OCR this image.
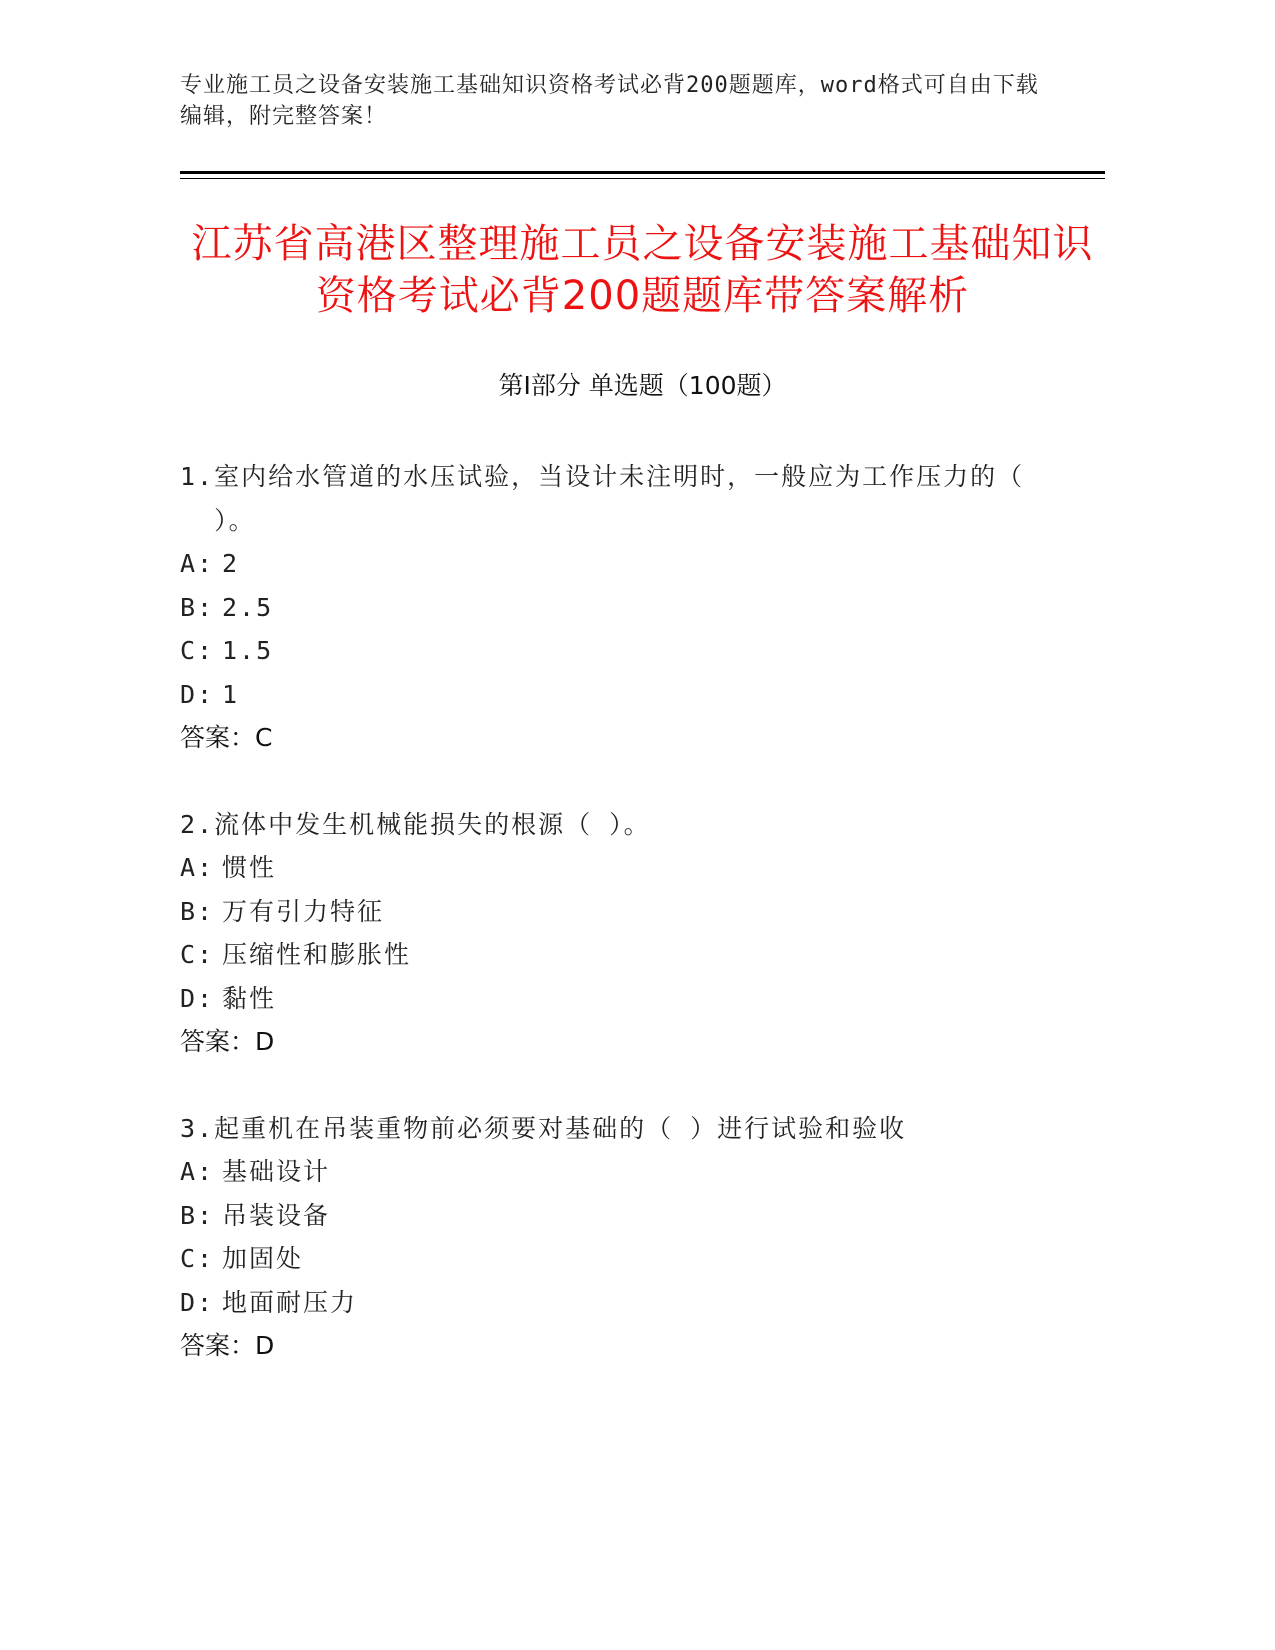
专业施工员之设备安装施工基础知识资格考试必背200题题库，word格式可自由下载编辑，附完整答案！
江苏省高港区整理施工员之设备安装施工基础知识资格考试必背200题题库带答案解析
第Ⅰ部分 单选题（100题）
1. 室内给水管道的水压试验，当设计未注明时，一般应为工作压力的（ ）。
A: 2
B: 2.5
C: 1.5
D: 1
答案： C
2. 流体中发生机械能损失的根源（ ）。
A: 惯性
B: 万有引力特征
C: 压缩性和膨胀性
D: 黏性
答案： D
3. 起重机在吊装重物前必须要对基础的（ ）进行试验和验收
A: 基础设计
B: 吊装设备
C: 加固处
D: 地面耐压力
答案： D
